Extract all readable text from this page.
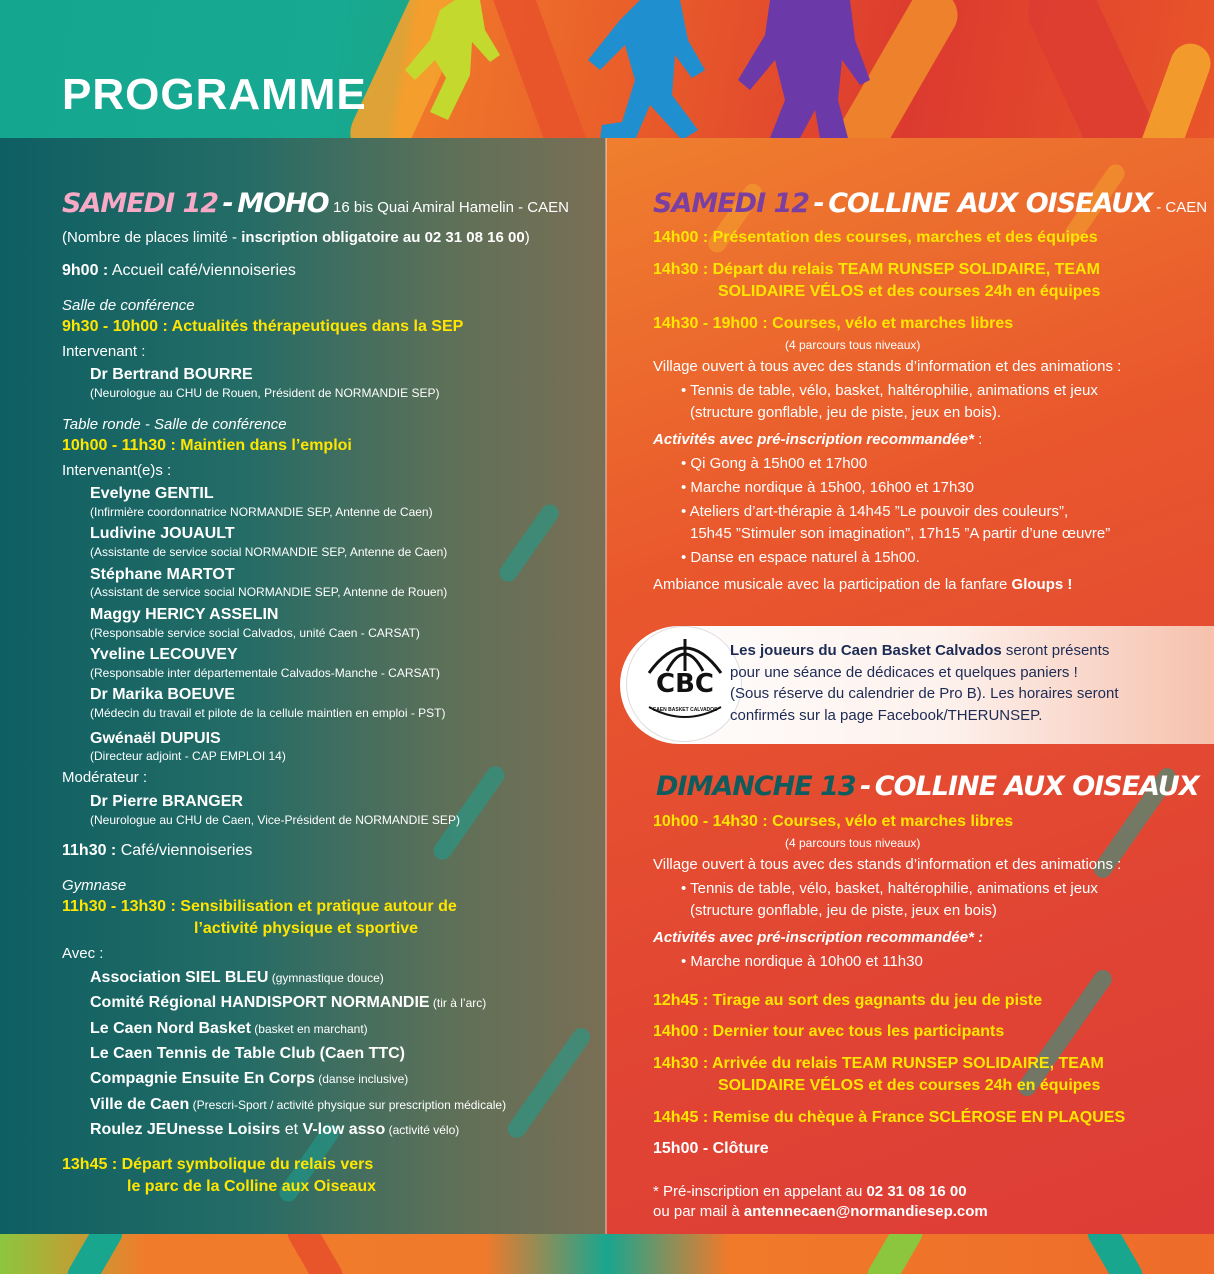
PROGRAMME
SAMEDI 12 - MOHO 16 bis Quai Amiral Hamelin - CAEN
(Nombre de places limité - inscription obligatoire au 02 31 08 16 00)
9h00 : Accueil café/viennoiseries
Salle de conférence
9h30 - 10h00 : Actualités thérapeutiques dans la SEP
Intervenant :
Dr Bertrand BOURRE
(Neurologue au CHU de Rouen, Président de NORMANDIE SEP)
Table ronde - Salle de conférence
10h00 - 11h30 : Maintien dans l’emploi
Intervenant(e)s :
Evelyne GENTIL
(Infirmière coordonnatrice NORMANDIE SEP, Antenne de Caen)
Ludivine JOUAULT
(Assistante de service social NORMANDIE SEP, Antenne de Caen)
Stéphane MARTOT
(Assistant de service social NORMANDIE SEP, Antenne de Rouen)
Maggy HERICY ASSELIN
(Responsable service social Calvados, unité Caen - CARSAT)
Yveline LECOUVEY
(Responsable inter départementale Calvados-Manche - CARSAT)
Dr Marika BOEUVE
(Médecin du travail et pilote de la cellule maintien en emploi - PST)
Gwénaël DUPUIS
(Directeur adjoint - CAP EMPLOI 14)
Modérateur :
Dr Pierre BRANGER
(Neurologue au CHU de Caen, Vice-Président de NORMANDIE SEP)
11h30 : Café/viennoiseries
Gymnase
11h30 - 13h30 : Sensibilisation et pratique autour de
l’activité physique et sportive
Avec :
Association SIEL BLEU (gymnastique douce)
Comité Régional HANDISPORT NORMANDIE (tir à l’arc)
Le Caen Nord Basket (basket en marchant)
Le Caen Tennis de Table Club (Caen TTC)
Compagnie Ensuite En Corps (danse inclusive)
Ville de Caen (Prescri-Sport / activité physique sur prescription médicale)
Roulez JEUnesse Loisirs et V-low asso (activité vélo)
13h45 : Départ symbolique du relais vers
le parc de la Colline aux Oiseaux
SAMEDI 12 - COLLINE AUX OISEAUX - CAEN
14h00 : Présentation des courses, marches et des équipes
14h30 : Départ du relais TEAM RUNSEP SOLIDAIRE, TEAM
SOLIDAIRE VÉLOS et des courses 24h en équipes
14h30 - 19h00 : Courses, vélo et marches libres
(4 parcours tous niveaux)
Village ouvert à tous avec des stands d’information et des animations :
• Tennis de table, vélo, basket, haltérophilie, animations et jeux
(structure gonflable, jeu de piste, jeux en bois).
Activités avec pré-inscription recommandée* :
• Qi Gong à 15h00 et 17h00
• Marche nordique à 15h00, 16h00 et 17h30
• Ateliers d’art-thérapie à 14h45 ”Le pouvoir des couleurs”,
15h45 ”Stimuler son imagination”, 17h15 ”A partir d’une œuvre”
• Danse en espace naturel à 15h00.
Ambiance musicale avec la participation de la fanfare Gloups !
CBC
CAEN BASKET CALVADOS
Les joueurs du Caen Basket Calvados seront présents
pour une séance de dédicaces et quelques paniers !
(Sous réserve du calendrier de Pro B). Les horaires seront
confirmés sur la page Facebook/THERUNSEP.
DIMANCHE 13 - COLLINE AUX OISEAUX
10h00 - 14h30 : Courses, vélo et marches libres
(4 parcours tous niveaux)
Village ouvert à tous avec des stands d’information et des animations :
• Tennis de table, vélo, basket, haltérophilie, animations et jeux
(structure gonflable, jeu de piste, jeux en bois)
Activités avec pré-inscription recommandée* :
• Marche nordique à 10h00 et 11h30
12h45 : Tirage au sort des gagnants du jeu de piste
14h00 : Dernier tour avec tous les participants
14h30 : Arrivée du relais TEAM RUNSEP SOLIDAIRE, TEAM
SOLIDAIRE VÉLOS et des courses 24h en équipes
14h45 : Remise du chèque à France SCLÉROSE EN PLAQUES
15h00 - Clôture
* Pré-inscription en appelant au 02 31 08 16 00
ou par mail à antennecaen@normandiesep.com
